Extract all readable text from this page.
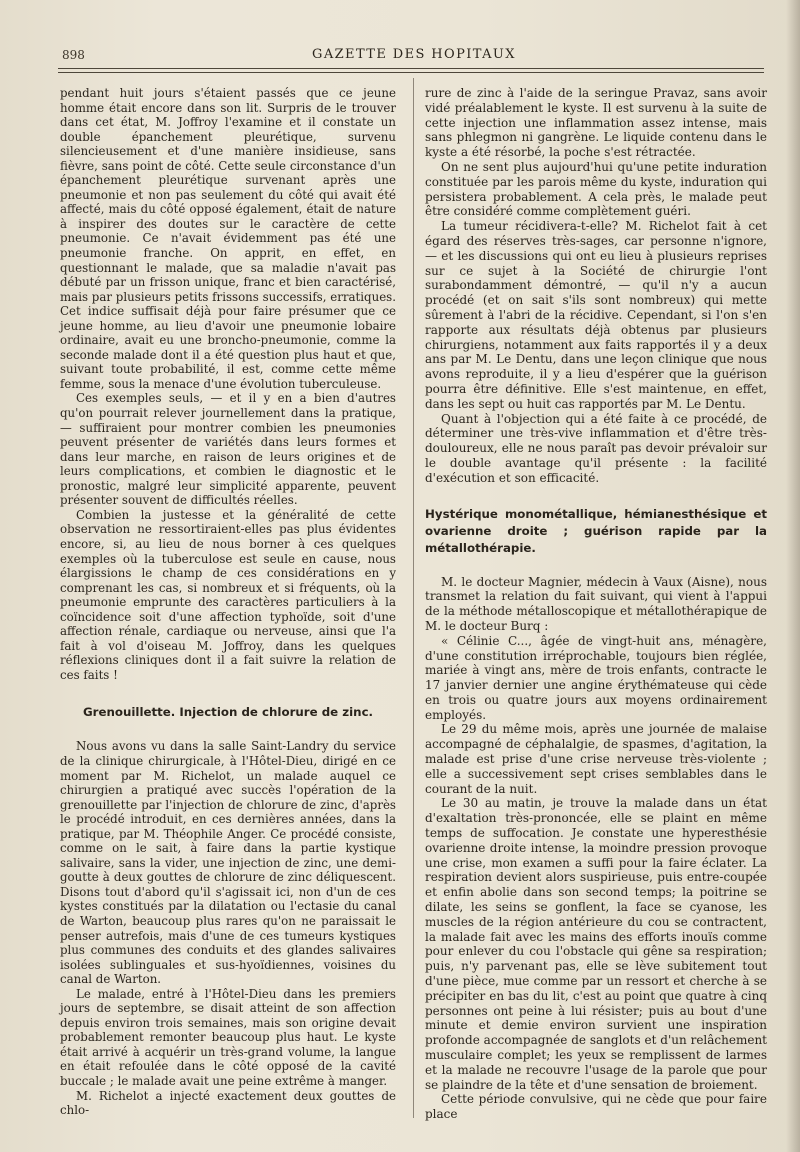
898	GAZETTE DES HOPITAUX

pendant huit jours s'étaient passés que ce jeune homme était encore dans son lit. Surpris de le trouver dans cet état, M. Joffroy l'examine et il constate un double épanchement pleurétique, survenu silencieusement et d'une manière insidieuse, sans fièvre, sans point de côté. Cette seule circonstance d'un épanchement pleurétique survenant après une pneumonie et non pas seulement du côté qui avait été affecté, mais du côté opposé également, était de nature à inspirer des doutes sur le caractère de cette pneumonie. Ce n'avait évidemment pas été une pneumonie franche. On apprit, en effet, en questionnant le malade, que sa maladie n'avait pas débuté par un frisson unique, franc et bien caractérisé, mais par plusieurs petits frissons successifs, erratiques. Cet indice suffisait déjà pour faire présumer que ce jeune homme, au lieu d'avoir une pneumonie lobaire ordinaire, avait eu une broncho-pneumonie, comme la seconde malade dont il a été question plus haut et que, suivant toute probabilité, il est, comme cette même femme, sous la menace d'une évolution tuberculeuse.

Ces exemples seuls, — et il y en a bien d'autres qu'on pourrait relever journellement dans la pratique, — suffiraient pour montrer combien les pneumonies peuvent présenter de variétés dans leurs formes et dans leur marche, en raison de leurs origines et de leurs complications, et combien le diagnostic et le pronostic, malgré leur simplicité apparente, peuvent présenter souvent de difficultés réelles.

Combien la justesse et la généralité de cette observation ne ressortiraient-elles pas plus évidentes encore, si, au lieu de nous borner à ces quelques exemples où la tuberculose est seule en cause, nous élargissions le champ de ces considérations en y comprenant les cas, si nombreux et si fréquents, où la pneumonie emprunte des caractères particuliers à la coïncidence soit d'une affection typhoïde, soit d'une affection rénale, cardiaque ou nerveuse, ainsi que l'a fait à vol d'oiseau M. Joffroy, dans les quelques réflexions cliniques dont il a fait suivre la relation de ces faits !

Grenouillette. Injection de chlorure de zinc.

Nous avons vu dans la salle Saint-Landry du service de la clinique chirurgicale, à l'Hôtel-Dieu, dirigé en ce moment par M. Richelot, un malade auquel ce chirurgien a pratiqué avec succès l'opération de la grenouillette par l'injection de chlorure de zinc, d'après le procédé introduit, en ces dernières années, dans la pratique, par M. Théophile Anger. Ce procédé consiste, comme on le sait, à faire dans la partie kystique salivaire, sans la vider, une injection de zinc, une demi-goutte à deux gouttes de chlorure de zinc déliquescent. Disons tout d'abord qu'il s'agissait ici, non d'un de ces kystes constitués par la dilatation ou l'ectasie du canal de Warton, beaucoup plus rares qu'on ne paraissait le penser autrefois, mais d'une de ces tumeurs kystiques plus communes des conduits et des glandes salivaires isolées sublinguales et sus-hyoïdiennes, voisines du canal de Warton.

Le malade, entré à l'Hôtel-Dieu dans les premiers jours de septembre, se disait atteint de son affection depuis environ trois semaines, mais son origine devait probablement remonter beaucoup plus haut. Le kyste était arrivé à acquérir un très-grand volume, la langue en était refoulée dans le côté opposé de la cavité buccale ; le malade avait une peine extrême à manger.

M. Richelot a injecté exactement deux gouttes de chlo-

rure de zinc à l'aide de la seringue Pravaz, sans avoir vidé préalablement le kyste. Il est survenu à la suite de cette injection une inflammation assez intense, mais sans phlegmon ni gangrène. Le liquide contenu dans le kyste a été résorbé, la poche s'est rétractée.

On ne sent plus aujourd'hui qu'une petite induration constituée par les parois même du kyste, induration qui persistera probablement. A cela près, le malade peut être considéré comme complètement guéri.

La tumeur récidivera-t-elle? M. Richelot fait à cet égard des réserves très-sages, car personne n'ignore, — et les discussions qui ont eu lieu à plusieurs reprises sur ce sujet à la Société de chirurgie l'ont surabondamment démontré, — qu'il n'y a aucun procédé (et on sait s'ils sont nombreux) qui mette sûrement à l'abri de la récidive. Cependant, si l'on s'en rapporte aux résultats déjà obtenus par plusieurs chirurgiens, notamment aux faits rapportés il y a deux ans par M. Le Dentu, dans une leçon clinique que nous avons reproduite, il y a lieu d'espérer que la guérison pourra être définitive. Elle s'est maintenue, en effet, dans les sept ou huit cas rapportés par M. Le Dentu.

Quant à l'objection qui a été faite à ce procédé, de déterminer une très-vive inflammation et d'être très-douloureux, elle ne nous paraît pas devoir prévaloir sur le double avantage qu'il présente : la facilité d'exécution et son efficacité.

Hystérique monométallique, hémianesthésique et ovarienne droite ; guérison rapide par la métallothérapie.

M. le docteur Magnier, médecin à Vaux (Aisne), nous transmet la relation du fait suivant, qui vient à l'appui de la méthode métalloscopique et métallothérapique de M. le docteur Burq :

« Célinie C..., âgée de vingt-huit ans, ménagère, d'une constitution irréprochable, toujours bien réglée, mariée à vingt ans, mère de trois enfants, contracte le 17 janvier dernier une angine érythémateuse qui cède en trois ou quatre jours aux moyens ordinairement employés.

Le 29 du même mois, après une journée de malaise accompagné de céphalalgie, de spasmes, d'agitation, la malade est prise d'une crise nerveuse très-violente ; elle a successivement sept crises semblables dans le courant de la nuit.

Le 30 au matin, je trouve la malade dans un état d'exaltation très-prononcée, elle se plaint en même temps de suffocation. Je constate une hyperesthésie ovarienne droite intense, la moindre pression provoque une crise, mon examen a suffi pour la faire éclater. La respiration devient alors suspirieuse, puis entre-coupée et enfin abolie dans son second temps; la poitrine se dilate, les seins se gonflent, la face se cyanose, les muscles de la région antérieure du cou se contractent, la malade fait avec les mains des efforts inouïs comme pour enlever du cou l'obstacle qui gêne sa respiration; puis, n'y parvenant pas, elle se lève subitement tout d'une pièce, mue comme par un ressort et cherche à se précipiter en bas du lit, c'est au point que quatre à cinq personnes ont peine à lui résister; puis au bout d'une minute et demie environ survient une inspiration profonde accompagnée de sanglots et d'un relâchement musculaire complet; les yeux se remplissent de larmes et la malade ne recouvre l'usage de la parole que pour se plaindre de la tête et d'une sensation de broiement.

Cette période convulsive, qui ne cède que pour faire place
